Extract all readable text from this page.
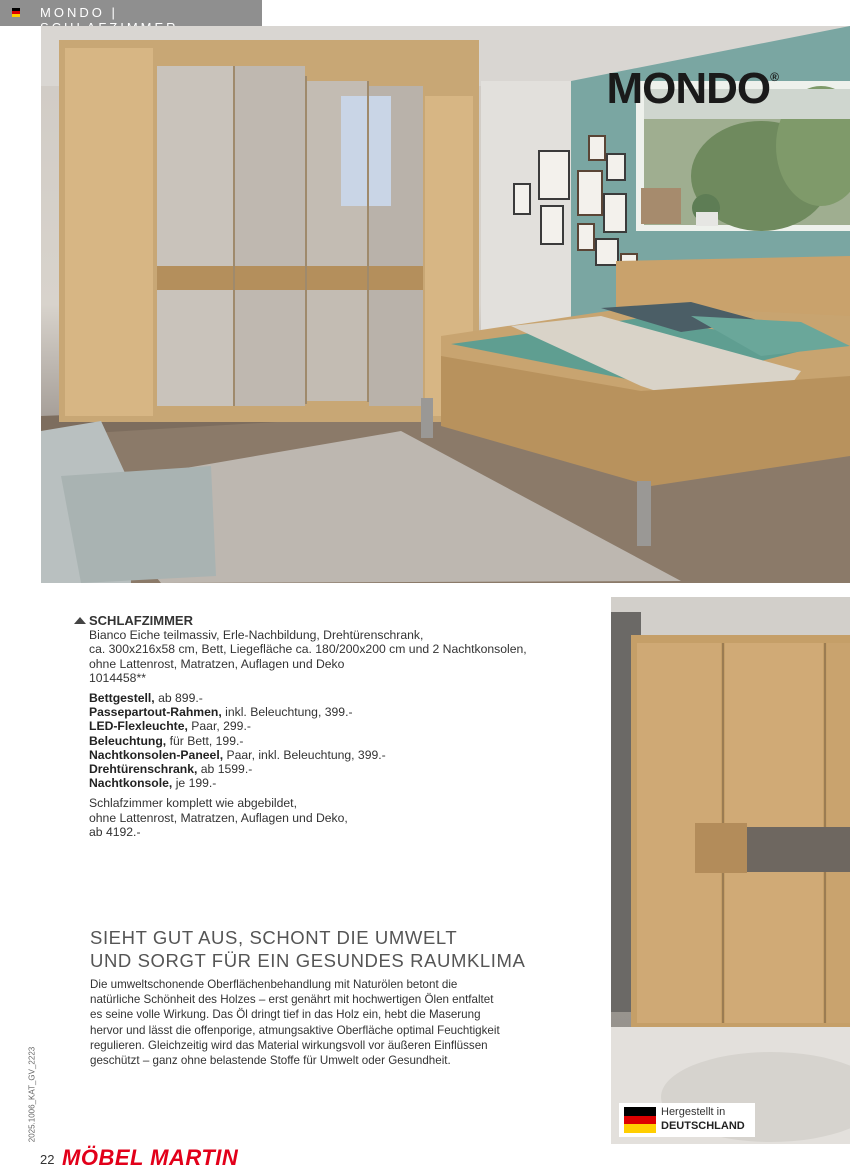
MONDO |
MONDO®
SCHLAFZIMMER
Bianco Eiche teilmassiv, Erle-Nachbildung, Drehtürenschrank,
ca. 300x216x58 cm, Bett, Liegefläche ca. 180/200x200 cm und 2 Nachtkonsolen,
ohne Lattenrost, Matratzen, Auflagen und Deko
1014458**
Bettgestell, ab 899.-
Passepartout-Rahmen, inkl. Beleuchtung, 399.-
LED-Flexleuchte, Paar, 299.-
Beleuchtung, für Bett, 199.-
Nachtkonsolen-Paneel, Paar, inkl. Beleuchtung, 399.-
Drehtürenschrank, ab 1599.-
Nachtkonsole, je 199.-
Schlafzimmer komplett wie abgebildet,
ohne Lattenrost, Matratzen, Auflagen und Deko,
ab 4192.-
SIEHT GUT AUS, SCHONT DIE UMWELT
UND SORGT FÜR EIN GESUNDES RAUMKLIMA
Die umweltschonende Oberflächenbehandlung mit Naturölen betont die
natürliche Schönheit des Holzes – erst genährt mit hochwertigen Ölen entfaltet
es seine volle Wirkung. Das Öl dringt tief in das Holz ein, hebt die Maserung
hervor und lässt die offenporige, atmungsaktive Oberfläche optimal Feuchtigkeit
regulieren. Gleichzeitig wird das Material wirkungsvoll vor äußeren Einflüssen
geschützt – ganz ohne belastende Stoffe für Umwelt oder Gesundheit.
Hergestellt in
DEUTSCHLAND
2025.1006_KAT_GV_2223
22 MÖBEL MARTIN
